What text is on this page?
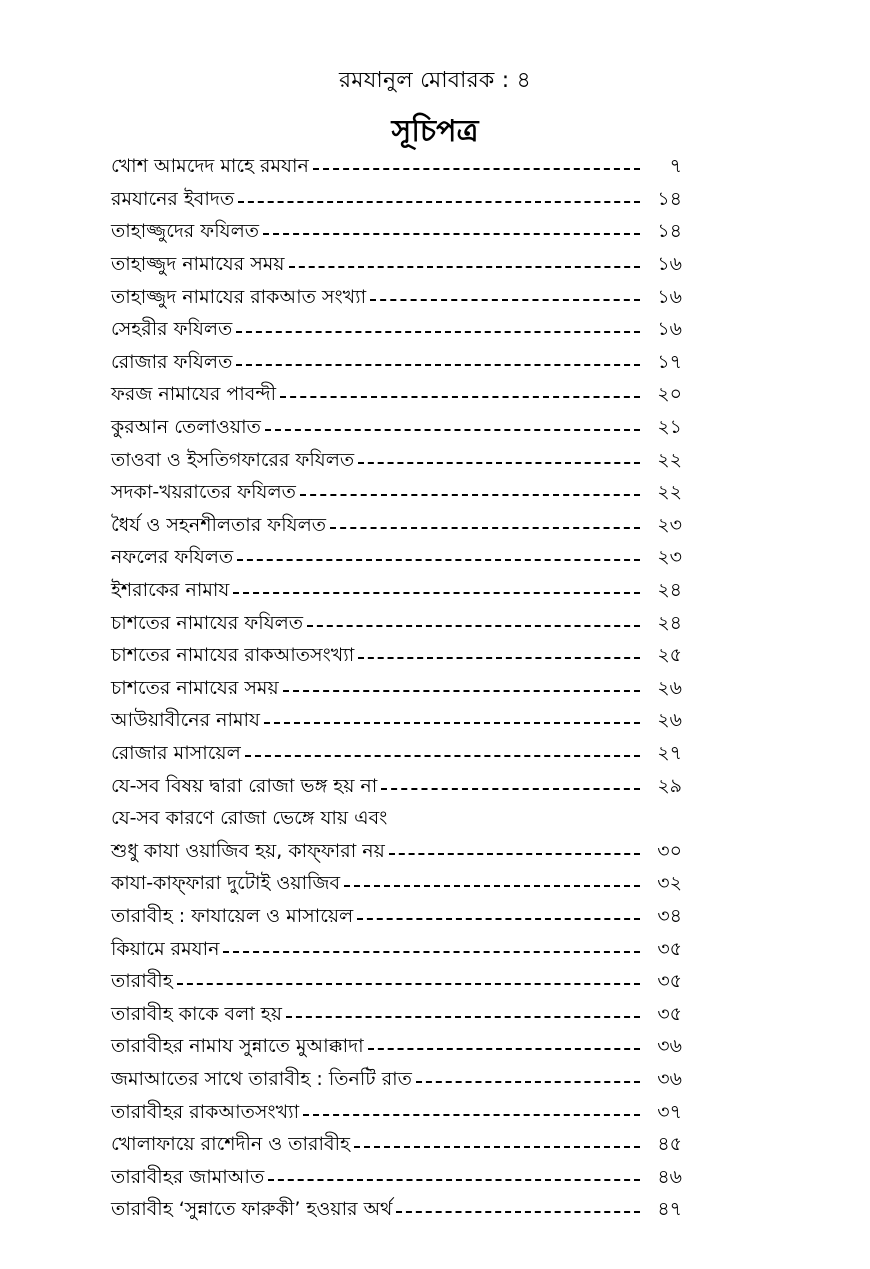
রমযানুল মোবারক : ৪
সূচিপত্র
খোশ আমদেদ মাহে রমযান	৭
রমযানের ইবাদত	১৪
তাহাজ্জুদের ফযিলত	১৪
তাহাজ্জুদ নামাযের সময়	১৬
তাহাজ্জুদ নামাযের রাকআত সংখ্যা	১৬
সেহরীর ফযিলত	১৬
রোজার ফযিলত	১৭
ফরজ নামাযের পাবন্দী	২০
কুরআন তেলাওয়াত	২১
তাওবা ও ইসতিগফারের ফযিলত	২২
সদকা-খয়রাতের ফযিলত	২২
ধৈর্য ও সহনশীলতার ফযিলত	২৩
নফলের ফযিলত	২৩
ইশরাকের নামায	২৪
চাশতের নামাযের ফযিলত	২৪
চাশতের নামাযের রাকআতসংখ্যা	২৫
চাশতের নামাযের সময়	২৬
আউয়াবীনের নামায	২৬
রোজার মাসায়েল	২৭
যে-সব বিষয় দ্বারা রোজা ভঙ্গ হয় না	২৯
যে-সব কারণে রোজা ভেঙ্গে যায় এবং
শুধু কাযা ওয়াজিব হয়, কাফ্ফারা নয়	৩০
কাযা-কাফ্ফারা দুটোই ওয়াজিব	৩২
তারাবীহ : ফাযায়েল ও মাসায়েল	৩৪
কিয়ামে রমযান	৩৫
তারাবীহ	৩৫
তারাবীহ কাকে বলা হয়	৩৫
তারাবীহর নামায সুন্নাতে মুআক্কাদা	৩৬
জমাআতের সাথে তারাবীহ : তিনটি রাত	৩৬
তারাবীহর রাকআতসংখ্যা	৩৭
খোলাফায়ে রাশেদীন ও তারাবীহ	৪৫
তারাবীহর জামাআত	৪৬
তারাবীহ ‘সুন্নাতে ফারুকী’ হওয়ার অর্থ	৪৭
